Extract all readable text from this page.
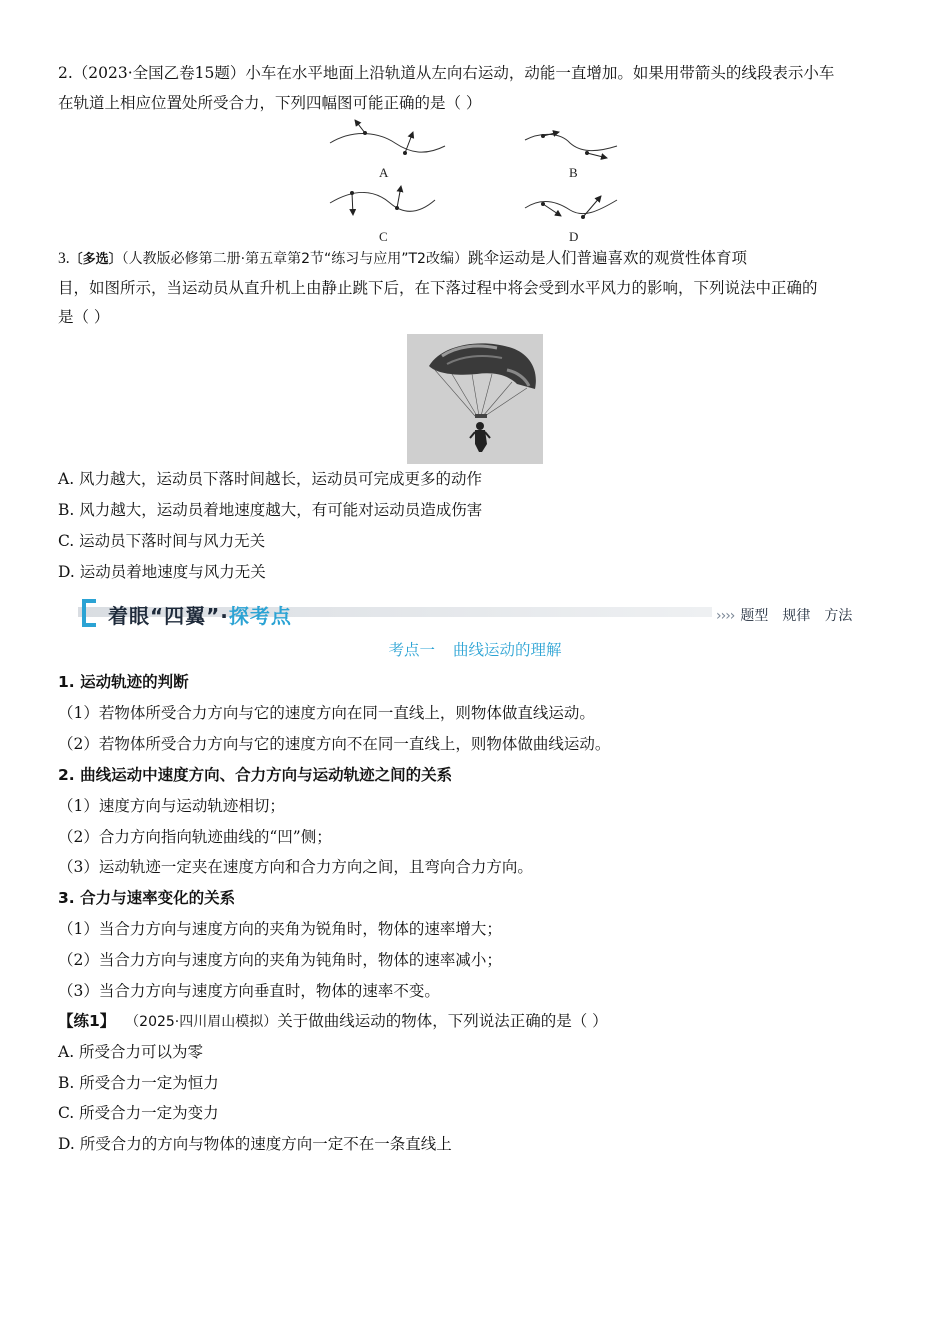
2.（2023·全国乙卷15题）小车在水平地面上沿轨道从左向右运动，动能一直增加。如果用带箭头的线段表示小车
在轨道上相应位置处所受合力，下列四幅图可能正确的是（ ）
A	B
C	D
3.〔多选〕（人教版必修第二册·第五章第2节“练习与应用”T2改编）跳伞运动是人们普遍喜欢的观赏性体育项
目，如图所示，当运动员从直升机上由静止跳下后，在下落过程中将会受到水平风力的影响，下列说法中正确的
是（ ）
A. 风力越大，运动员下落时间越长，运动员可完成更多的动作
B. 风力越大，运动员着地速度越大，有可能对运动员造成伤害
C. 运动员下落时间与风力无关
D. 运动员着地速度与风力无关
着眼“四翼”·探考点	›››› 题型 规律 方法
考点一 曲线运动的理解
1. 运动轨迹的判断
（1）若物体所受合力方向与它的速度方向在同一直线上，则物体做直线运动。
（2）若物体所受合力方向与它的速度方向不在同一直线上，则物体做曲线运动。
2. 曲线运动中速度方向、合力方向与运动轨迹之间的关系
（1）速度方向与运动轨迹相切；
（2）合力方向指向轨迹曲线的“凹”侧；
（3）运动轨迹一定夹在速度方向和合力方向之间，且弯向合力方向。
3. 合力与速率变化的关系
（1）当合力方向与速度方向的夹角为锐角时，物体的速率增大；
（2）当合力方向与速度方向的夹角为钝角时，物体的速率减小；
（3）当合力方向与速度方向垂直时，物体的速率不变。
【练1】 （2025·四川眉山模拟）关于做曲线运动的物体，下列说法正确的是（ ）
A. 所受合力可以为零
B. 所受合力一定为恒力
C. 所受合力一定为变力
D. 所受合力的方向与物体的速度方向一定不在一条直线上
